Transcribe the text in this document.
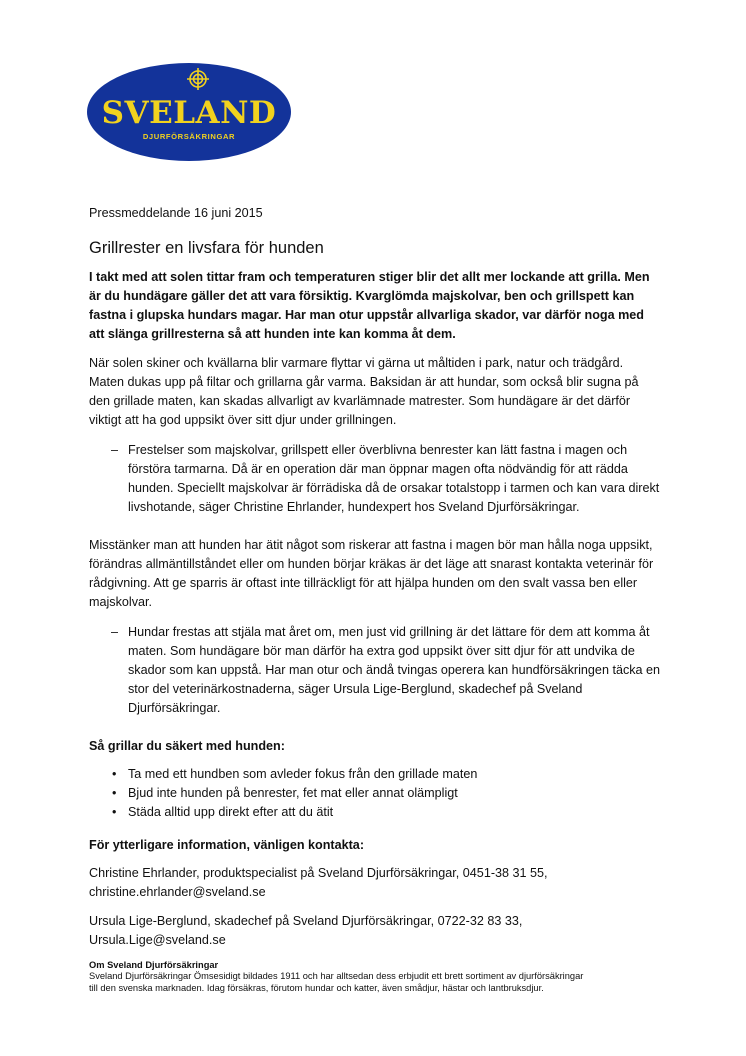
SVELAND
DJURFÖRSÄKRINGAR

Pressmeddelande 16 juni 2015

Grillrester en livsfara för hunden

I takt med att solen tittar fram och temperaturen stiger blir det allt mer lockande att grilla. Men är du hundägare gäller det att vara försiktig. Kvarglömda majskolvar, ben och grillspett kan fastna i glupska hundars magar. Har man otur uppstår allvarliga skador, var därför noga med att slänga grillresterna så att hunden inte kan komma åt dem.

När solen skiner och kvällarna blir varmare flyttar vi gärna ut måltiden i park, natur och trädgård. Maten dukas upp på filtar och grillarna går varma. Baksidan är att hundar, som också blir sugna på den grillade maten, kan skadas allvarligt av kvarlämnade matrester. Som hundägare är det därför viktigt att ha god uppsikt över sitt djur under grillningen.

– Frestelser som majskolvar, grillspett eller överblivna benrester kan lätt fastna i magen och förstöra tarmarna. Då är en operation där man öppnar magen ofta nödvändig för att rädda hunden. Speciellt majskolvar är förrädiska då de orsakar totalstopp i tarmen och kan vara direkt livshotande, säger Christine Ehrlander, hundexpert hos Sveland Djurförsäkringar.

Misstänker man att hunden har ätit något som riskerar att fastna i magen bör man hålla noga uppsikt, förändras allmäntillståndet eller om hunden börjar kräkas är det läge att snarast kontakta veterinär för rådgivning. Att ge sparris är oftast inte tillräckligt för att hjälpa hunden om den svalt vassa ben eller majskolvar.

– Hundar frestas att stjäla mat året om, men just vid grillning är det lättare för dem att komma åt maten. Som hundägare bör man därför ha extra god uppsikt över sitt djur för att undvika de skador som kan uppstå. Har man otur och ändå tvingas operera kan hundförsäkringen täcka en stor del veterinärkostnaderna, säger Ursula Lige-Berglund, skadechef på Sveland Djurförsäkringar.

Så grillar du säkert med hunden:

• Ta med ett hundben som avleder fokus från den grillade maten
• Bjud inte hunden på benrester, fet mat eller annat olämpligt
• Städa alltid upp direkt efter att du ätit

För ytterligare information, vänligen kontakta:

Christine Ehrlander, produktspecialist på Sveland Djurförsäkringar, 0451-38 31 55,

christine.ehrlander@sveland.se

Ursula Lige-Berglund, skadechef på Sveland Djurförsäkringar, 0722-32 83 33, Ursula.Lige@sveland.se

Om Sveland Djurförsäkringar

Sveland Djurförsäkringar Ömsesidigt bildades 1911 och har alltsedan dess erbjudit ett brett sortiment av djurförsäkringar

till den svenska marknaden. Idag försäkras, förutom hundar och katter, även smådjur, hästar och lantbruksdjur.
